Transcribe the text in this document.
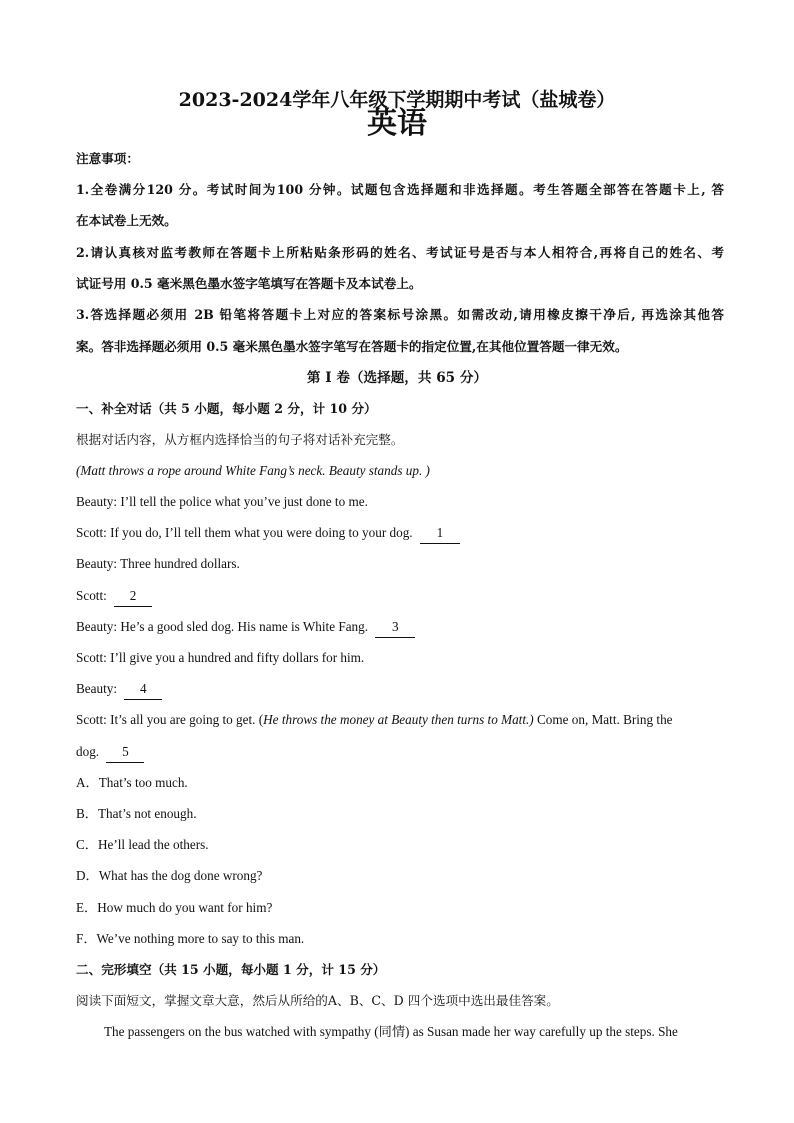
2023-2024学年八年级下学期期中考试（盐城卷）
英语
注意事项：
1.全卷满分120 分。考试时间为100 分钟。试题包含选择题和非选择题。考生答题全部答在答题卡上, 答
在本试卷上无效。
2.请认真核对监考教师在答题卡上所粘贴条形码的姓名、考试证号是否与本人相符合,再将自己的姓名、考
试证号用 0.5 毫米黑色墨水签字笔填写在答题卡及本试卷上。
3.答选择题必须用 2B 铅笔将答题卡上对应的答案标号涂黑。如需改动,请用橡皮擦干净后, 再选涂其他答
案。答非选择题必须用 0.5 毫米黑色墨水签字笔写在答题卡的指定位置,在其他位置答题一律无效。
第 I 卷（选择题，共 65 分）
一、补全对话（共 5 小题，每小题 2 分，计 10 分）
根据对话内容，从方框内选择恰当的句子将对话补充完整。
(Matt throws a rope around White Fang’s neck. Beauty stands up. )
Beauty: I’ll tell the police what you’ve just done to me.
Scott: If you do, I’ll tell them what you were doing to your dog. 1
Beauty: Three hundred dollars.
Scott: 2
Beauty: He’s a good sled dog. His name is White Fang. 3
Scott: I’ll give you a hundred and fifty dollars for him.
Beauty: 4
Scott: It’s all you are going to get. (He throws the money at Beauty then turns to Matt.) Come on, Matt. Bring the
dog. 5
A．That’s too much.
B．That’s not enough.
C．He’ll lead the others.
D．What has the dog done wrong?
E．How much do you want for him?
F．We’ve nothing more to say to this man.
二、完形填空（共 15 小题，每小题 1 分，计 15 分）
阅读下面短文，掌握文章大意，然后从所给的A、B、C、D 四个选项中选出最佳答案。
The passengers on the bus watched with sympathy (同情) as Susan made her way carefully up the steps. She
